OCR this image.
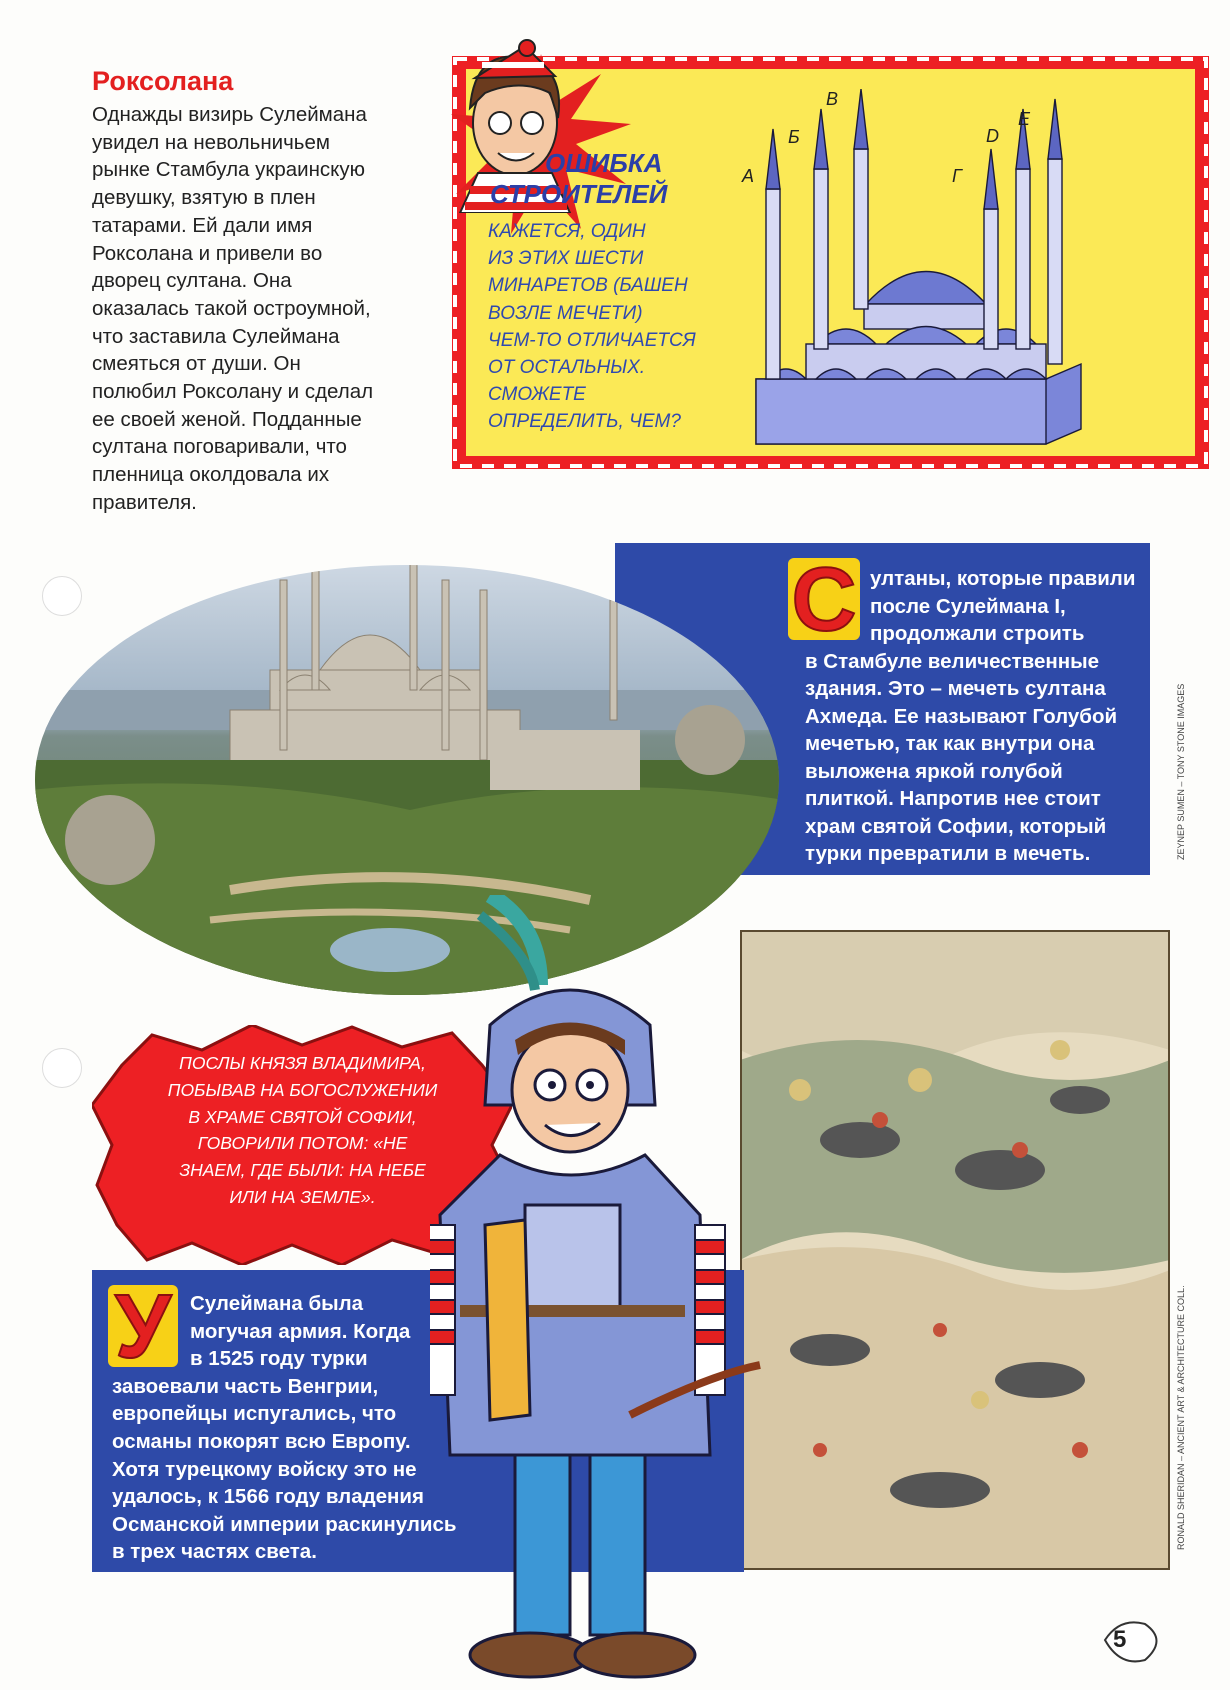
Роксолана
Однажды визирь Сулеймана
увидел на невольничьем
рынке Стамбула украинскую
девушку, взятую в плен
татарами. Ей дали имя
Роксолана и привели во
дворец султана. Она
оказалась такой остроумной,
что заставила Сулеймана
смеяться от души. Он
полюбил Роксолану и сделал
ее своей женой. Подданные
султана поговаривали, что
пленница околдовала их
правителя.
А
Б
В
Г
D
Е
ОШИБКА
СТРОИТЕЛЕЙ
КАЖЕТСЯ, ОДИН
ИЗ ЭТИХ ШЕСТИ
МИНАРЕТОВ (БАШЕН
ВОЗЛЕ МЕЧЕТИ)
ЧЕМ-ТО ОТЛИЧАЕТСЯ
ОТ ОСТАЛЬНЫХ.
СМОЖЕТЕ
ОПРЕДЕЛИТЬ, ЧЕМ?
С ултаны, которые правили
после Сулеймана I,
продолжали строить
в Стамбуле величественные
здания. Это – мечеть султана
Ахмеда. Ее называют Голубой
мечетью, так как внутри она
выложена яркой голубой
плиткой. Напротив нее стоит
храм святой Софии, который
турки превратили в мечеть.	ZEYNEP SUMEN – TONY STONE IMAGES
RONALD SHERIDAN – ANCIENT ART & ARCHITECTURE COLL.
ПОСЛЫ КНЯЗЯ ВЛАДИМИРА,
ПОБЫВАВ НА БОГОСЛУЖЕНИИ
В ХРАМЕ СВЯТОЙ СОФИИ,
ГОВОРИЛИ ПОТОМ: «НЕ
ЗНАЕМ, ГДЕ БЫЛИ: НА НЕБЕ
ИЛИ НА ЗЕМЛЕ».
У Сулеймана была
могучая армия. Когда
в 1525 году турки
завоевали часть Венгрии,
европейцы испугались, что
османы покорят всю Европу.
Хотя турецкому войску это не
удалось, к 1566 году владения
Османской империи раскинулись
в трех частях света.
5
